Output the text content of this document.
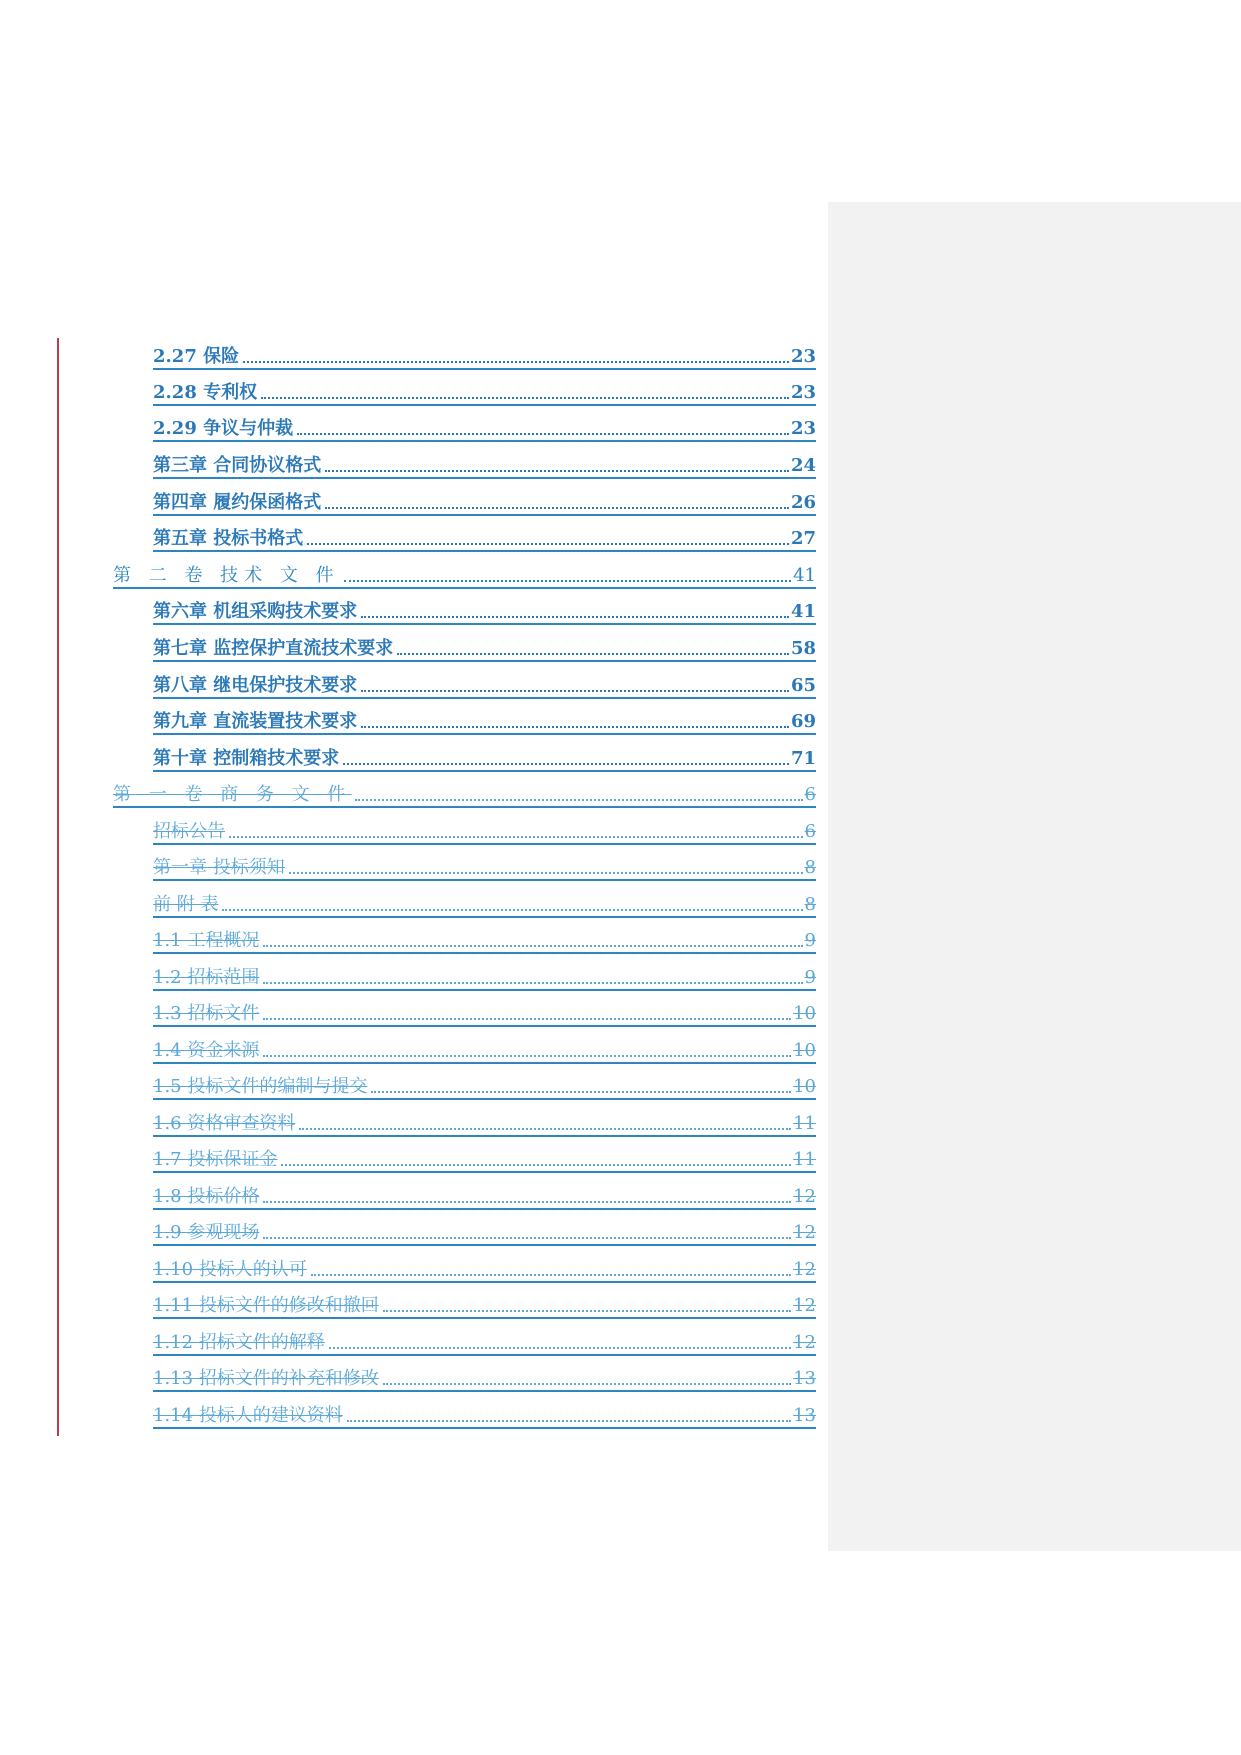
2.27 保险	23
2.28 专利权	23
2.29 争议与仲裁	23
第三章 合同协议格式	24
第四章 履约保函格式	26
第五章 投标书格式	27
第 二 卷 技术 文 件	41
第六章 机组采购技术要求	41
第七章 监控保护直流技术要求	58
第八章 继电保护技术要求	65
第九章 直流装置技术要求	69
第十章 控制箱技术要求	71
第 一 卷 商 务 文 件	6
招标公告	6
第一章 投标须知	8
前 附 表	8
1.1 工程概况	9
1.2 招标范围	9
1.3 招标文件	10
1.4 资金来源	10
1.5 投标文件的编制与提交	10
1.6 资格审查资料	11
1.7 投标保证金	11
1.8 投标价格	12
1.9 参观现场	12
1.10 投标人的认可	12
1.11 投标文件的修改和撤回	12
1.12 招标文件的解释	12
1.13 招标文件的补充和修改	13
1.14 投标人的建议资料	13
